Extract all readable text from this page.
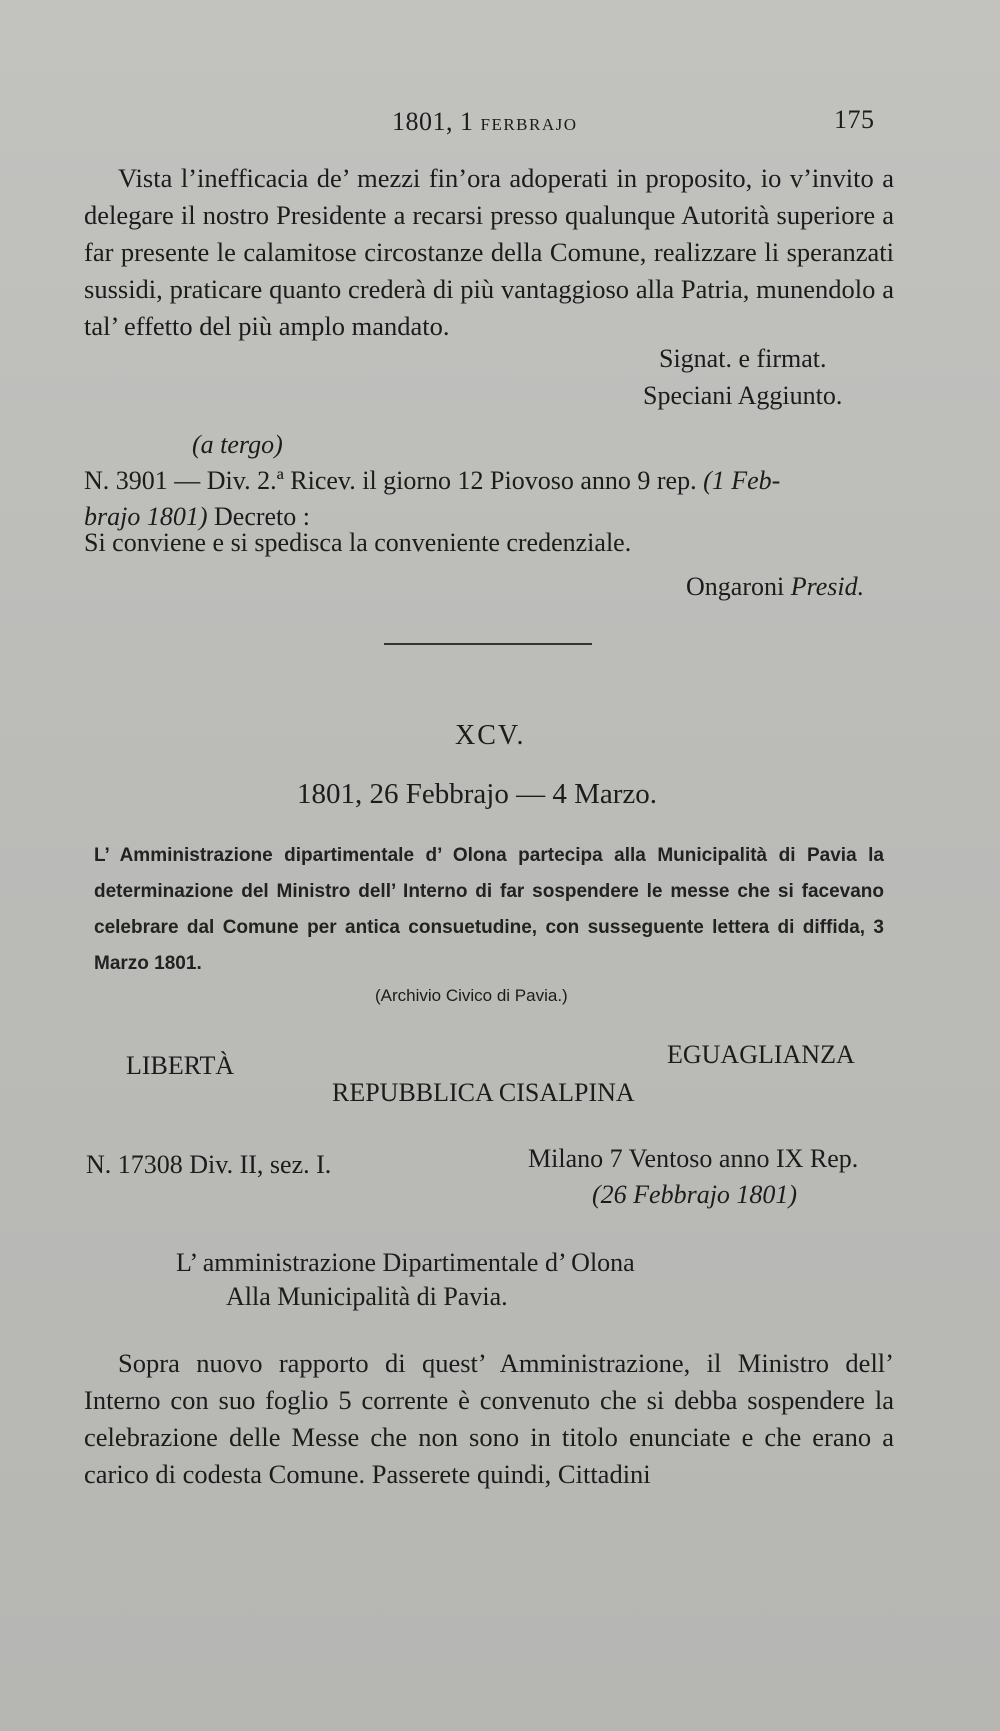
1801, 1 FERBRAJO	175
Vista l’inefficacia de’ mezzi fin’ora adoperati in proposito, io v’invito a delegare il nostro Presidente a recarsi presso qualunque Autorità superiore a far presente le calamitose circostanze della Comune, realizzare li speranzati sussidi, praticare quanto crederà di più vantaggioso alla Patria, munendolo a tal’ effetto del più amplo mandato.
Signat. e firmat.
Speciani Aggiunto.
(a tergo)
N. 3901 — Div. 2.ª Ricev. il giorno 12 Piovoso anno 9 rep. (1 Feb-
brajo 1801) Decreto :
Si conviene e si spedisca la conveniente credenziale.
Ongaroni Presid.
XCV.
1801, 26 Febbrajo — 4 Marzo.
L’ Amministrazione dipartimentale d’ Olona partecipa alla Municipalità di Pavia la determinazione del Ministro dell’ Interno di far sospendere le messe che si facevano celebrare dal Comune per antica consuetudine, con susseguente lettera di diffida, 3 Marzo 1801.
(Archivio Civico di Pavia.)
LIBERTÀ	EGUAGLIANZA
REPUBBLICA CISALPINA
N. 17308 Div. II, sez. I.	Milano 7 Ventoso anno IX Rep.
(26 Febbrajo 1801)
L’ amministrazione Dipartimentale d’ Olona
Alla Municipalità di Pavia.
Sopra nuovo rapporto di quest’ Amministrazione, il Ministro dell’ Interno con suo foglio 5 corrente è convenuto che si debba sospendere la celebrazione delle Messe che non sono in titolo enunciate e che erano a carico di codesta Comune. Passerete quindi, Cittadini
